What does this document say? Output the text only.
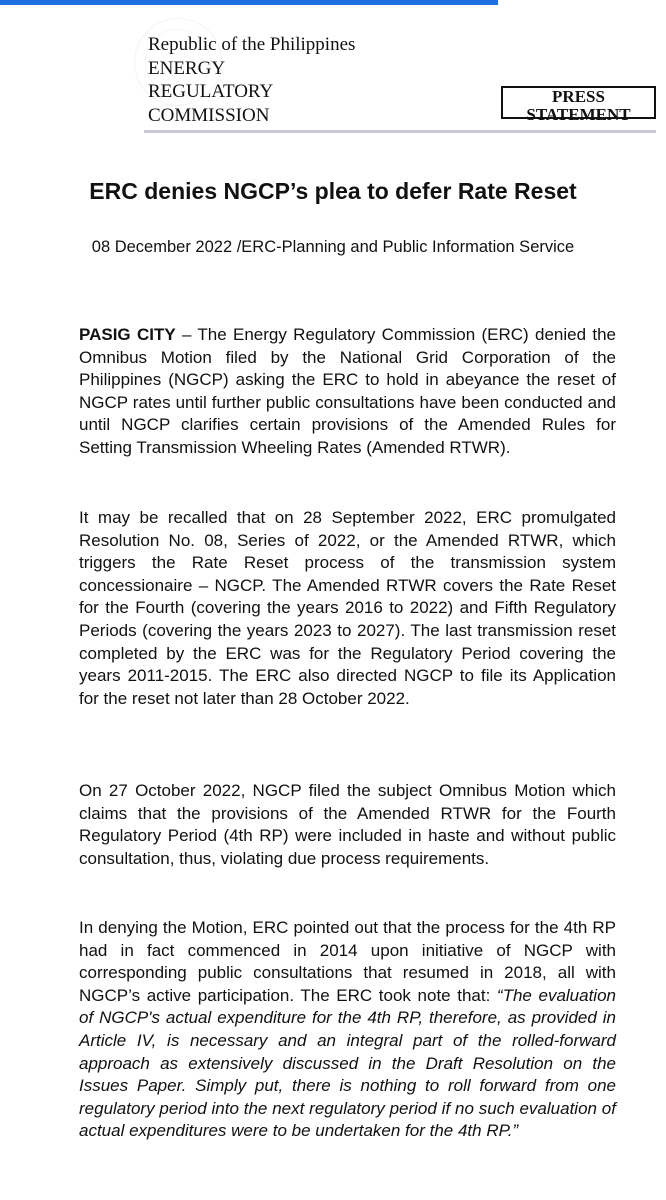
Republic of the Philippines
ENERGY
REGULATORY
COMMISSION
PRESS
STATEMENT
ERC denies NGCP’s plea to defer Rate Reset
08 December 2022 /ERC-Planning and Public Information Service

PASIG CITY – The Energy Regulatory Commission (ERC) denied the Omnibus Motion filed by the National Grid Corporation of the Philippines (NGCP) asking the ERC to hold in abeyance the reset of NGCP rates until further public consultations have been conducted and until NGCP clarifies certain provisions of the Amended Rules for Setting Transmission Wheeling Rates (Amended RTWR).

It may be recalled that on 28 September 2022, ERC promulgated Resolution No. 08, Series of 2022, or the Amended RTWR, which triggers the Rate Reset process of the transmission system concessionaire – NGCP. The Amended RTWR covers the Rate Reset for the Fourth (covering the years 2016 to 2022) and Fifth Regulatory Periods (covering the years 2023 to 2027). The last transmission reset completed by the ERC was for the Regulatory Period covering the years 2011-2015. The ERC also directed NGCP to file its Application for the reset not later than 28 October 2022.

On 27 October 2022, NGCP filed the subject Omnibus Motion which claims that the provisions of the Amended RTWR for the Fourth Regulatory Period (4th RP) were included in haste and without public consultation, thus, violating due process requirements.

In denying the Motion, ERC pointed out that the process for the 4th RP had in fact commenced in 2014 upon initiative of NGCP with corresponding public consultations that resumed in 2018, all with NGCP’s active participation. The ERC took note that: “The evaluation of NGCP's actual expenditure for the 4th RP, therefore, as provided in Article IV, is necessary and an integral part of the rolled-forward approach as extensively discussed in the Draft Resolution on the Issues Paper. Simply put, there is nothing to roll forward from one regulatory period into the next regulatory period if no such evaluation of actual expenditures were to be undertaken for the 4th RP.”
